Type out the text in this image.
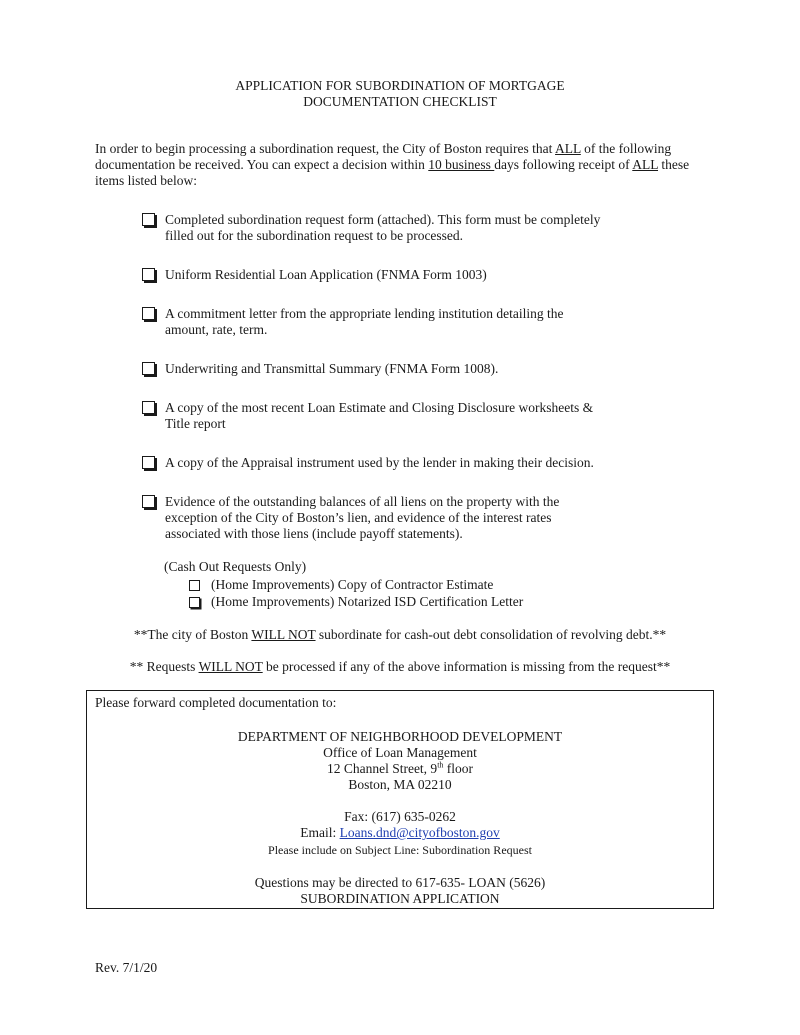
APPLICATION FOR SUBORDINATION OF MORTGAGE
DOCUMENTATION CHECKLIST
In order to begin processing a subordination request, the City of Boston requires that ALL of the following documentation be received. You can expect a decision within 10 business days following receipt of ALL these items listed below:
Completed subordination request form (attached). This form must be completely
filled out for the subordination request to be processed.
Uniform Residential Loan Application (FNMA Form 1003)
A commitment letter from the appropriate lending institution detailing the
amount, rate, term.
Underwriting and Transmittal Summary (FNMA Form 1008).
A copy of the most recent Loan Estimate and Closing Disclosure worksheets &
Title report
A copy of the Appraisal instrument used by the lender in making their decision.
Evidence of the outstanding balances of all liens on the property with the
exception of the City of Boston’s lien, and evidence of the interest rates
associated with those liens (include payoff statements).
(Cash Out Requests Only)
(Home Improvements) Copy of Contractor Estimate
(Home Improvements) Notarized ISD Certification Letter
**The city of Boston WILL NOT subordinate for cash-out debt consolidation of revolving debt.**
** Requests WILL NOT be processed if any of the above information is missing from the request**
Please forward completed documentation to:
DEPARTMENT OF NEIGHBORHOOD DEVELOPMENT
Office of Loan Management
12 Channel Street, 9th floor
Boston, MA 02210
Fax: (617) 635-0262
Email: Loans.dnd@cityofboston.gov
Please include on Subject Line: Subordination Request
Questions may be directed to 617-635- LOAN (5626)
SUBORDINATION APPLICATION
Rev. 7/1/20
